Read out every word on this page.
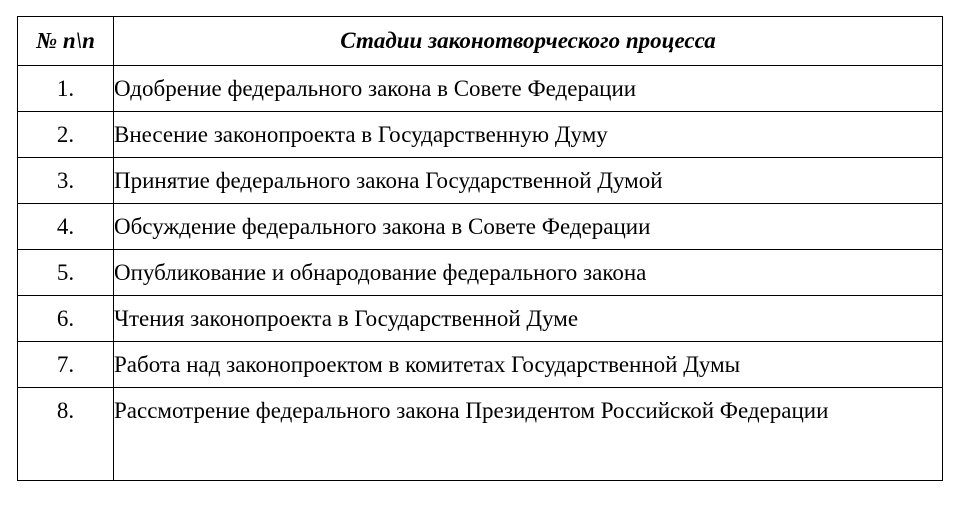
№ п\п	Стадии законотворческого процесса
1.	Одобрение федерального закона в Совете Федерации
2.	Внесение законопроекта в Государственную Думу
3.	Принятие федерального закона Государственной Думой
4.	Обсуждение федерального закона в Совете Федерации
5.	Опубликование и обнародование федерального закона
6.	Чтения законопроекта в Государственной Думе
7.	Работа над законопроектом в комитетах Государственной Думы
8.	Рассмотрение федерального закона Президентом Российской Федерации
